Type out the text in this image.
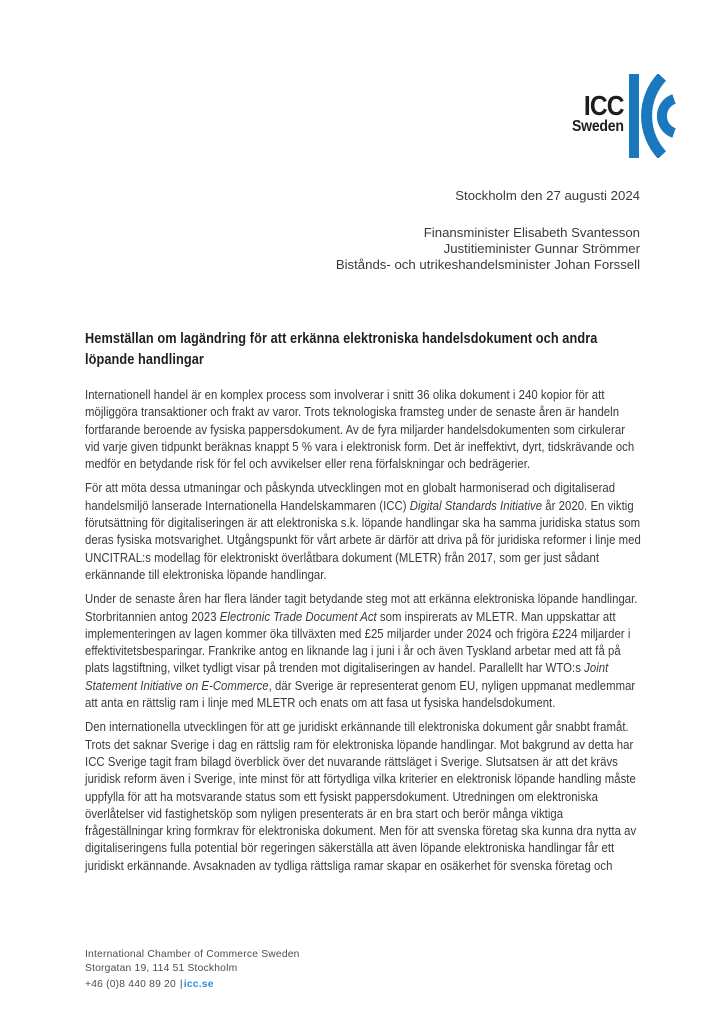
ICC
Sweden
Stockholm den 27 augusti 2024
Finansminister Elisabeth Svantesson
Justitieminister Gunnar Strömmer
Bistånds- och utrikeshandelsminister Johan Forssell
Hemställan om lagändring för att erkänna elektroniska handelsdokument och andra löpande handlingar

Internationell handel är en komplex process som involverar i snitt 36 olika dokument i 240 kopior för att möjliggöra transaktioner och frakt av varor. Trots teknologiska framsteg under de senaste åren är handeln fortfarande beroende av fysiska pappersdokument. Av de fyra miljarder handelsdokumenten som cirkulerar vid varje given tidpunkt beräknas knappt 5 % vara i elektronisk form. Det är ineffektivt, dyrt, tidskrävande och medför en betydande risk för fel och avvikelser eller rena förfalskningar och bedrägerier.

För att möta dessa utmaningar och påskynda utvecklingen mot en globalt harmoniserad och digitaliserad handelsmiljö lanserade Internationella Handelskammaren (ICC) Digital Standards Initiative år 2020. En viktig förutsättning för digitaliseringen är att elektroniska s.k. löpande handlingar ska ha samma juridiska status som deras fysiska motsvarighet. Utgångspunkt för vårt arbete är därför att driva på för juridiska reformer i linje med UNCITRAL:s modellag för elektroniskt överlåtbara dokument (MLETR) från 2017, som ger just sådant erkännande till elektroniska löpande handlingar.

Under de senaste åren har flera länder tagit betydande steg mot att erkänna elektroniska löpande handlingar. Storbritannien antog 2023 Electronic Trade Document Act som inspirerats av MLETR. Man uppskattar att implementeringen av lagen kommer öka tillväxten med £25 miljarder under 2024 och frigöra £224 miljarder i effektivitetsbesparingar. Frankrike antog en liknande lag i juni i år och även Tyskland arbetar med att få på plats lagstiftning, vilket tydligt visar på trenden mot digitaliseringen av handel. Parallellt har WTO:s Joint Statement Initiative on E-Commerce, där Sverige är representerat genom EU, nyligen uppmanat medlemmar att anta en rättslig ram i linje med MLETR och enats om att fasa ut fysiska handelsdokument.

Den internationella utvecklingen för att ge juridiskt erkännande till elektroniska dokument går snabbt framåt. Trots det saknar Sverige i dag en rättslig ram för elektroniska löpande handlingar. Mot bakgrund av detta har ICC Sverige tagit fram bilagd överblick över det nuvarande rättsläget i Sverige. Slutsatsen är att det krävs juridisk reform även i Sverige, inte minst för att förtydliga vilka kriterier en elektronisk löpande handling måste uppfylla för att ha motsvarande status som ett fysiskt pappersdokument. Utredningen om elektroniska överlåtelser vid fastighetsköp som nyligen presenterats är en bra start och berör många viktiga frågeställningar kring formkrav för elektroniska dokument. Men för att svenska företag ska kunna dra nytta av digitaliseringens fulla potential bör regeringen säkerställa att även löpande elektroniska handlingar får ett juridiskt erkännande. Avsaknaden av tydliga rättsliga ramar skapar en osäkerhet för svenska företag och

International Chamber of Commerce Sweden
Storgatan 19, 114 51 Stockholm
+46 (0)8 440 89 20 |icc.se
